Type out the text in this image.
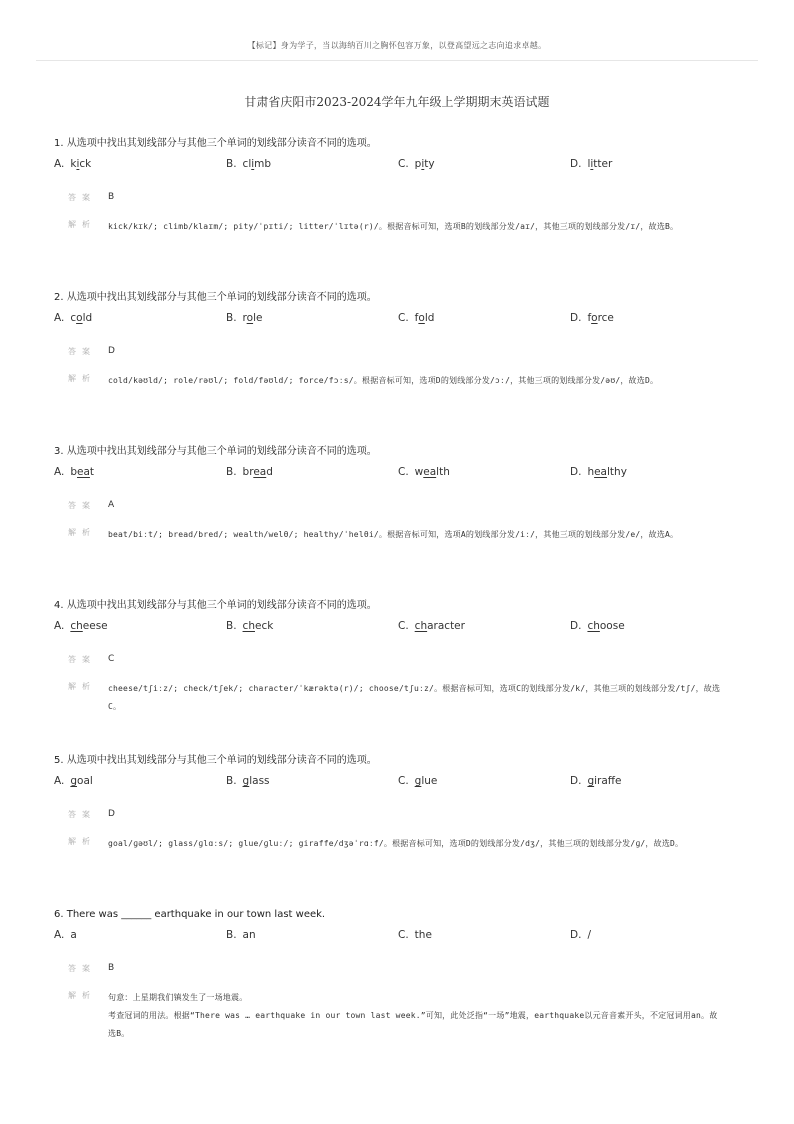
【标记】身为学子，当以海纳百川之胸怀包容万象，以登高望远之志向追求卓越。
甘肃省庆阳市2023-2024学年九年级上学期期末英语试题
1. 从选项中找出其划线部分与其他三个单词的划线部分读音不同的选项。
A. kick	B. climb	C. pity	D. litter
答案 B
解析 kick/kɪk/; climb/klaɪm/; pity/ˈpɪti/; litter/ˈlɪtə(r)/。根据音标可知，选项B的划线部分发/aɪ/，其他三项的划线部分发/ɪ/，故选B。
2. 从选项中找出其划线部分与其他三个单词的划线部分读音不同的选项。
A. cold	B. role	C. fold	D. force
答案 D
解析 cold/kəʊld/; role/rəʊl/; fold/fəʊld/; force/fɔːs/。根据音标可知，选项D的划线部分发/ɔː/，其他三项的划线部分发/əʊ/，故选D。
3. 从选项中找出其划线部分与其他三个单词的划线部分读音不同的选项。
A. beat	B. bread	C. wealth	D. healthy
答案 A
解析 beat/biːt/; bread/bred/; wealth/welθ/; healthy/ˈhelθi/。根据音标可知，选项A的划线部分发/iː/，其他三项的划线部分发/e/，故选A。
4. 从选项中找出其划线部分与其他三个单词的划线部分读音不同的选项。
A. cheese	B. check	C. character	D. choose
答案 C
解析 cheese/tʃiːz/; check/tʃek/; character/ˈkærəktə(r)/; choose/tʃuːz/。根据音标可知，选项C的划线部分发/k/，其他三项的划线部分发/tʃ/，故选C。
5. 从选项中找出其划线部分与其他三个单词的划线部分读音不同的选项。
A. goal	B. glass	C. glue	D. giraffe
答案 D
解析 goal/ɡəʊl/; glass/ɡlɑːs/; glue/ɡluː/; giraffe/dʒəˈrɑːf/。根据音标可知，选项D的划线部分发/dʒ/，其他三项的划线部分发/ɡ/，故选D。
6. There was ______ earthquake in our town last week.
A. a	B. an	C. the	D. /
答案 B
解析 句意：上星期我们镇发生了一场地震。
考查冠词的用法。根据“There was … earthquake in our town last week.”可知，此处泛指“一场”地震，earthquake以元音音素开头，不定冠词用an。故选B。
